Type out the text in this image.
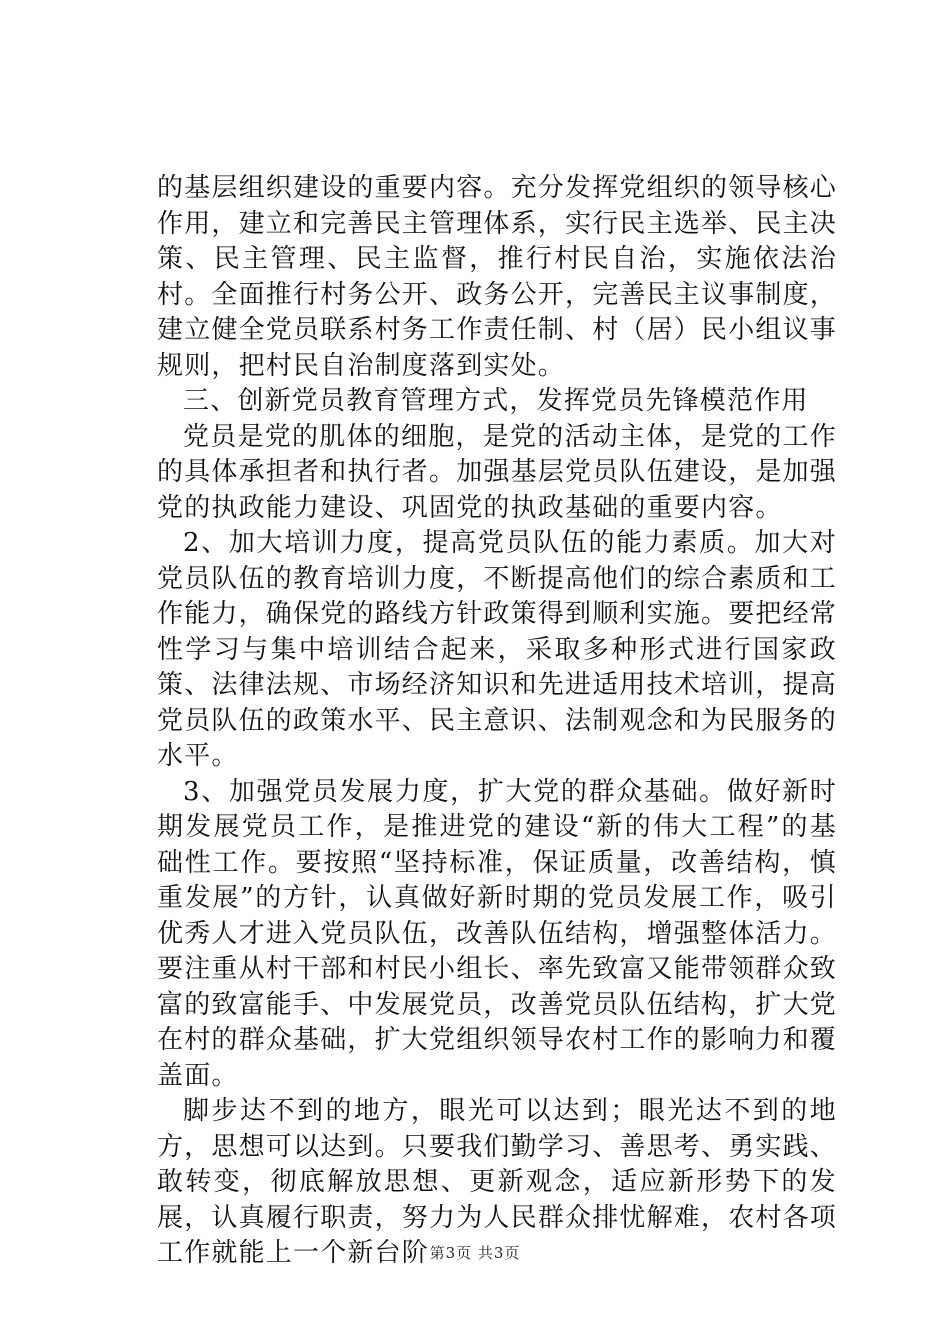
的基层组织建设的重要内容。充分发挥党组织的领导核心作用，建立和完善民主管理体系，实行民主选举、民主决策、民主管理、民主监督，推行村民自治，实施依法治村。全面推行村务公开、政务公开，完善民主议事制度，建立健全党员联系村务工作责任制、村（居）民小组议事规则，把村民自治制度落到实处。

三、创新党员教育管理方式，发挥党员先锋模范作用

党员是党的肌体的细胞，是党的活动主体，是党的工作的具体承担者和执行者。加强基层党员队伍建设，是加强党的执政能力建设、巩固党的执政基础的重要内容。

2、加大培训力度，提高党员队伍的能力素质。加大对党员队伍的教育培训力度，不断提高他们的综合素质和工作能力，确保党的路线方针政策得到顺利实施。要把经常性学习与集中培训结合起来，采取多种形式进行国家政策、法律法规、市场经济知识和先进适用技术培训，提高党员队伍的政策水平、民主意识、法制观念和为民服务的水平。

3、加强党员发展力度，扩大党的群众基础。做好新时期发展党员工作，是推进党的建设“新的伟大工程”的基础性工作。要按照“坚持标准，保证质量，改善结构，慎重发展”的方针，认真做好新时期的党员发展工作，吸引优秀人才进入党员队伍，改善队伍结构，增强整体活力。要注重从村干部和村民小组长、率先致富又能带领群众致富的致富能手、中发展党员，改善党员队伍结构，扩大党在村的群众基础，扩大党组织领导农村工作的影响力和覆盖面。

脚步达不到的地方，眼光可以达到；眼光达不到的地方，思想可以达到。只要我们勤学习、善思考、勇实践、敢转变，彻底解放思想、更新观念，适应新形势下的发展，认真履行职责，努力为人民群众排忧解难，农村各项工作就能上一个新台阶 第3页 共3页
